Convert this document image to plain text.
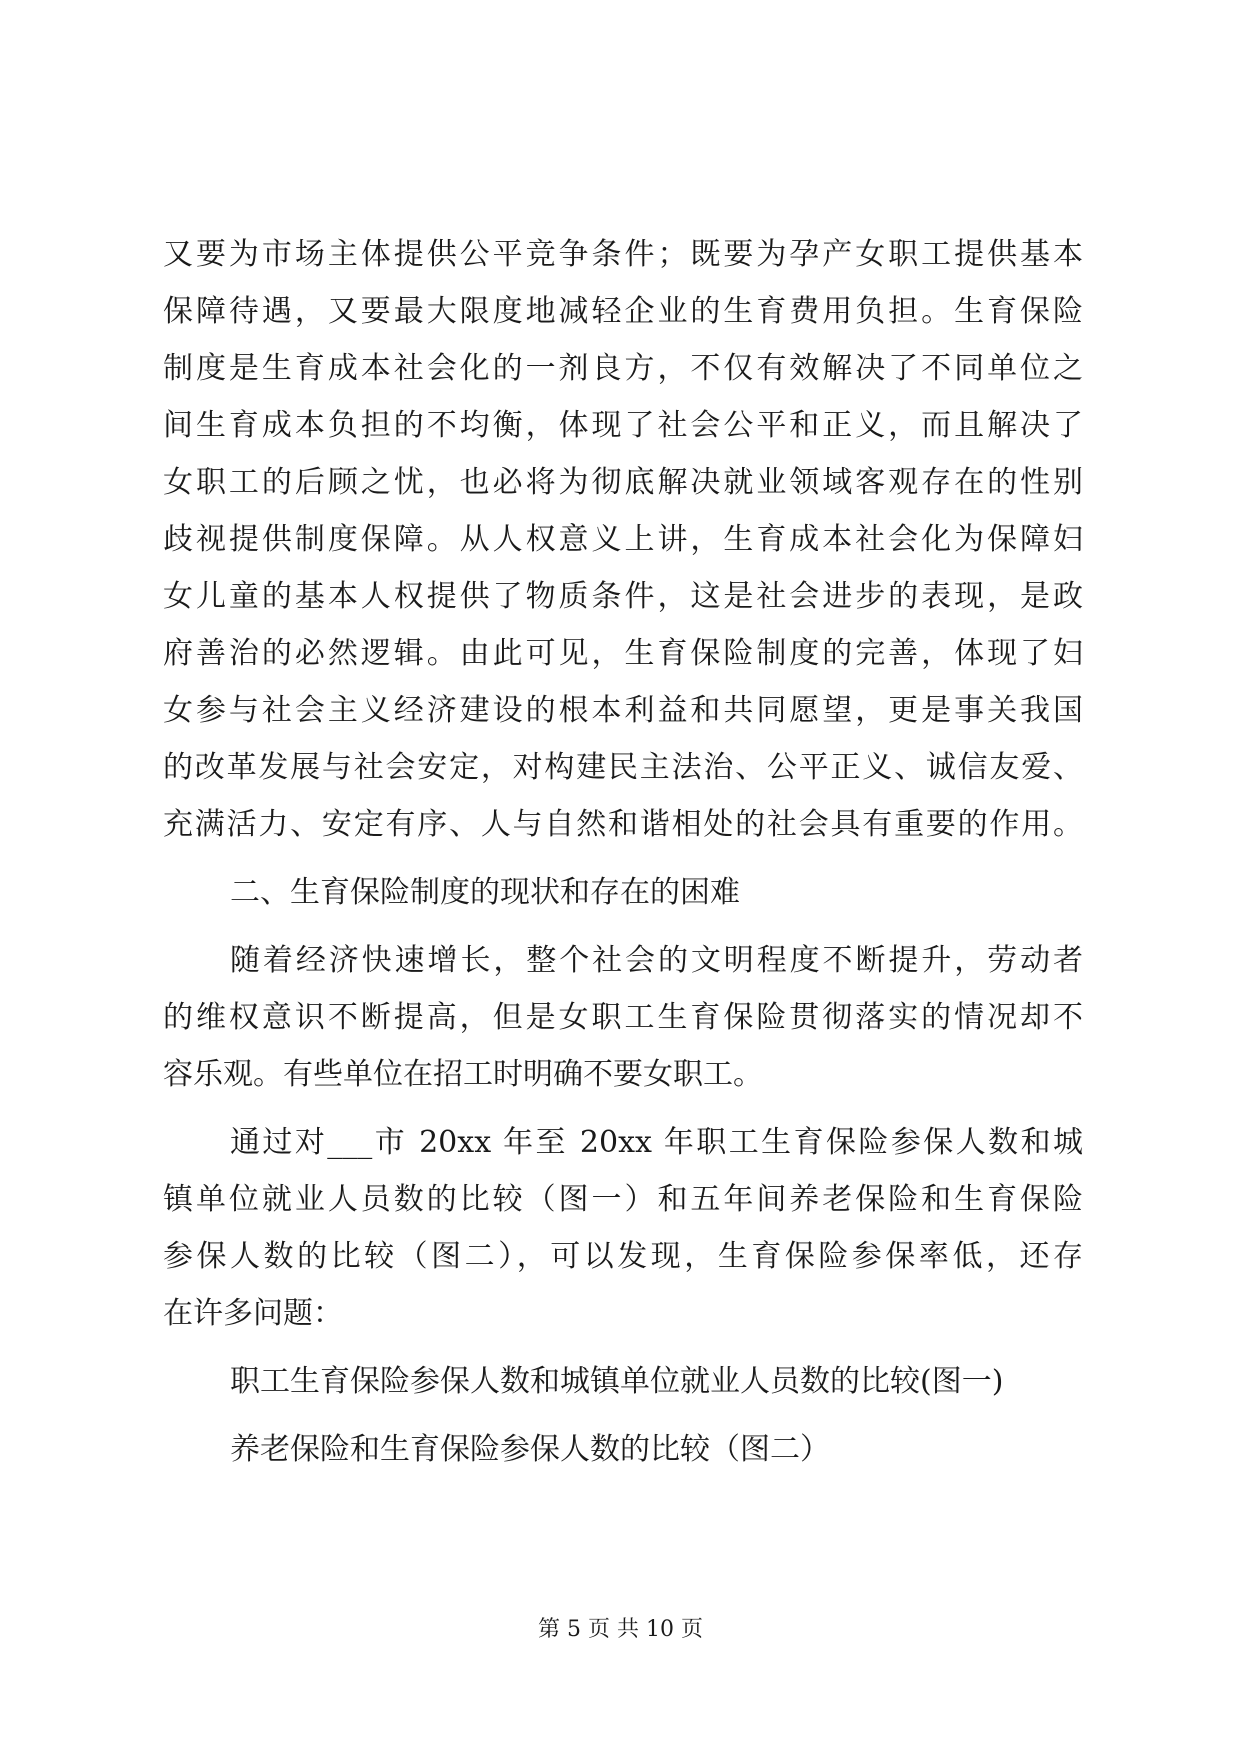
又要为市场主体提供公平竞争条件；既要为孕产女职工提供基本
保障待遇，又要最大限度地减轻企业的生育费用负担。生育保险
制度是生育成本社会化的一剂良方，不仅有效解决了不同单位之
间生育成本负担的不均衡，体现了社会公平和正义，而且解决了
女职工的后顾之忧，也必将为彻底解决就业领域客观存在的性别
歧视提供制度保障。从人权意义上讲，生育成本社会化为保障妇
女儿童的基本人权提供了物质条件，这是社会进步的表现，是政
府善治的必然逻辑。由此可见，生育保险制度的完善，体现了妇
女参与社会主义经济建设的根本利益和共同愿望，更是事关我国
的改革发展与社会安定，对构建民主法治、公平正义、诚信友爱、
充满活力、安定有序、人与自然和谐相处的社会具有重要的作用。
二、生育保险制度的现状和存在的困难
随着经济快速增长，整个社会的文明程度不断提升，劳动者
的维权意识不断提高，但是女职工生育保险贯彻落实的情况却不
容乐观。有些单位在招工时明确不要女职工。
通过对___市 20xx 年至 20xx 年职工生育保险参保人数和城
镇单位就业人员数的比较（图一）和五年间养老保险和生育保险
参保人数的比较（图二），可以发现，生育保险参保率低，还存
在许多问题：
职工生育保险参保人数和城镇单位就业人员数的比较(图一)
养老保险和生育保险参保人数的比较（图二）
第 5 页 共 10 页
